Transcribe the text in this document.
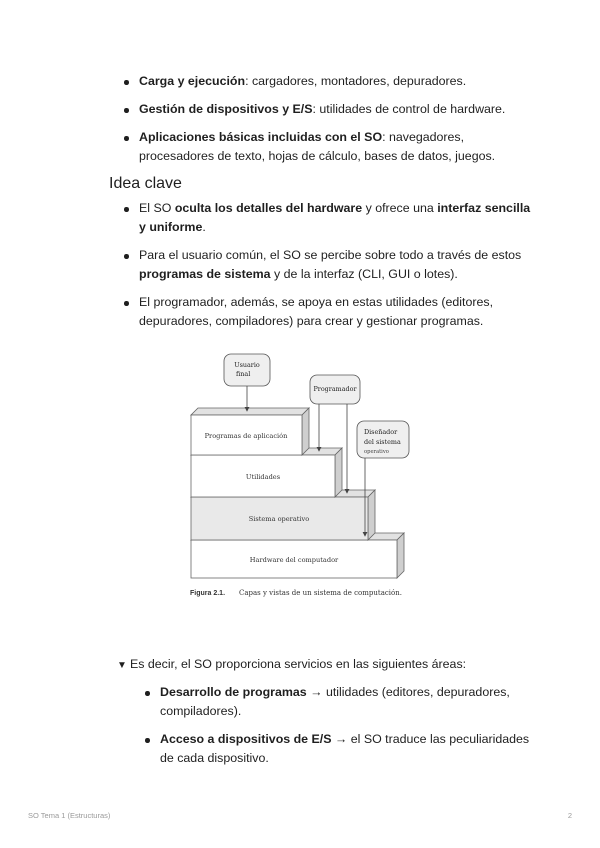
Carga y ejecución: cargadores, montadores, depuradores.
Gestión de dispositivos y E/S: utilidades de control de hardware.
Aplicaciones básicas incluidas con el SO: navegadores, procesadores de texto, hojas de cálculo, bases de datos, juegos.
Idea clave
El SO oculta los detalles del hardware y ofrece una interfaz sencilla y uniforme.
Para el usuario común, el SO se percibe sobre todo a través de estos programas de sistema y de la interfaz (CLI, GUI o lotes).
El programador, además, se apoya en estas utilidades (editores, depuradores, compiladores) para crear y gestionar programas.
Programas de aplicación
Utilidades
Sistema operativo
Hardware del computador
Usuario
final
Programador
Diseñador
del sistema
operativo
Figura 2.1. Capas y vistas de un sistema de computación.
▼ Es decir, el SO proporciona servicios en las siguientes áreas:
Desarrollo de programas → utilidades (editores, depuradores, compiladores).
Acceso a dispositivos de E/S → el SO traduce las peculiaridades de cada dispositivo.
SO Tema 1 (Estructuras)	2
